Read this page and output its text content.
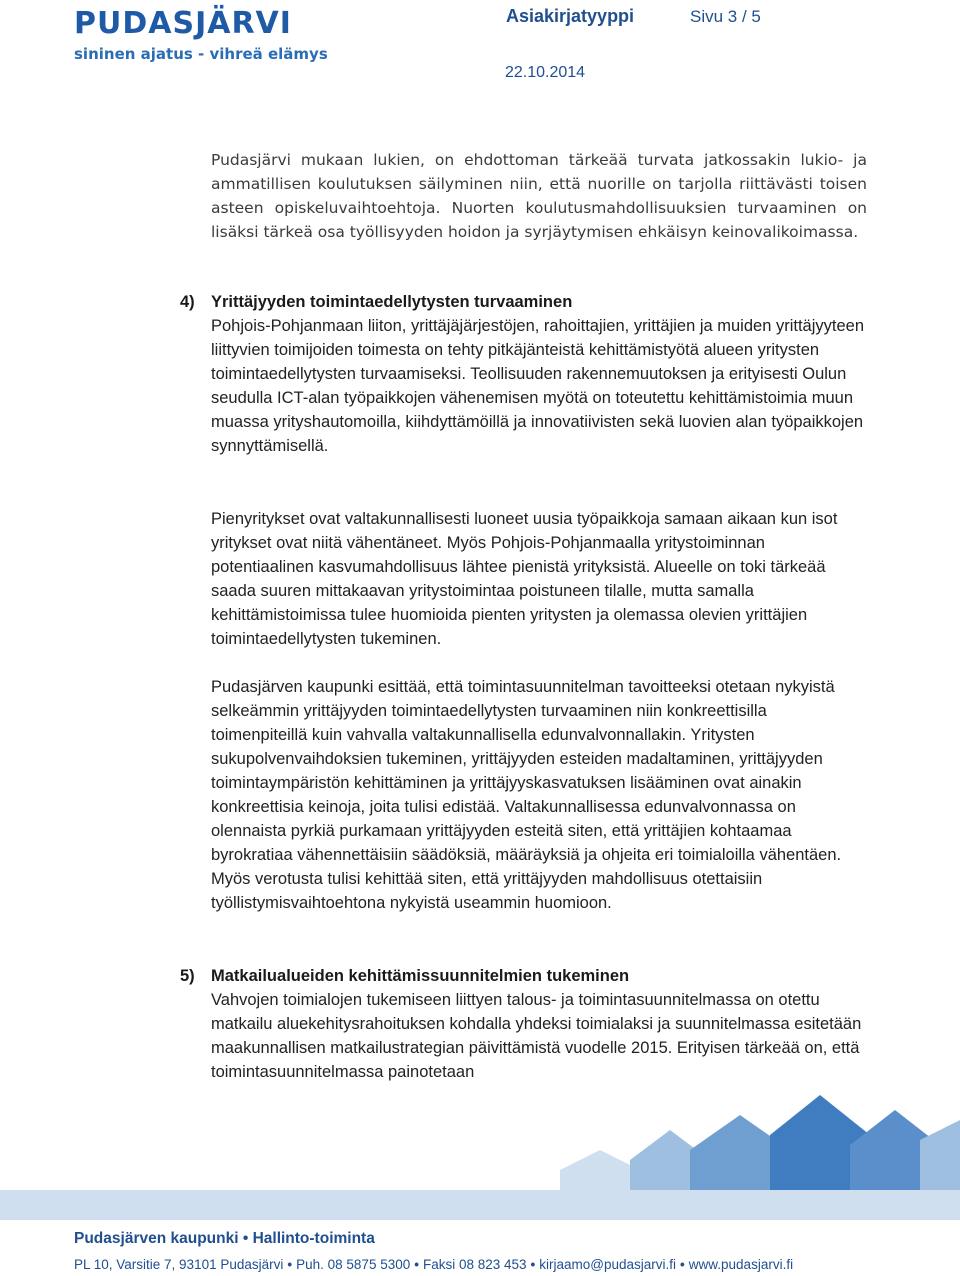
PUDASJÄRVI
sininen ajatus - vihreä elämys
Asiakirjatyyppi	Sivu 3 / 5
22.10.2014
Pudasjärvi mukaan lukien, on ehdottoman tärkeää turvata jatkossakin lukio- ja ammatillisen koulutuksen säilyminen niin, että nuorille on tarjolla riittävästi toisen asteen opiskeluvaihtoehtoja. Nuorten koulutusmahdollisuuksien turvaaminen on lisäksi tärkeä osa työllisyyden hoidon ja syrjäytymisen ehkäisyn keinovalikoimassa.
4) Yrittäjyyden toimintaedellytysten turvaaminen
Pohjois-Pohjanmaan liiton, yrittäjäjärjestöjen, rahoittajien, yrittäjien ja muiden yrittäjyyteen liittyvien toimijoiden toimesta on tehty pitkäjänteistä kehittämistyötä alueen yritysten toimintaedellytysten turvaamiseksi. Teollisuuden rakennemuutoksen ja erityisesti Oulun seudulla ICT-alan työpaikkojen vähenemisen myötä on toteutettu kehittämistoimia muun muassa yrityshautomoilla, kiihdyttämöillä ja innovatiivisten sekä luovien alan työpaikkojen synnyttämisellä.
Pienyritykset ovat valtakunnallisesti luoneet uusia työpaikkoja samaan aikaan kun isot yritykset ovat niitä vähentäneet. Myös Pohjois-Pohjanmaalla yritystoiminnan potentiaalinen kasvumahdollisuus lähtee pienistä yrityksistä. Alueelle on toki tärkeää saada suuren mittakaavan yritystoimintaa poistuneen tilalle, mutta samalla kehittämistoimissa tulee huomioida pienten yritysten ja olemassa olevien yrittäjien toimintaedellytysten tukeminen.
Pudasjärven kaupunki esittää, että toimintasuunnitelman tavoitteeksi otetaan nykyistä selkeämmin yrittäjyyden toimintaedellytysten turvaaminen niin konkreettisilla toimenpiteillä kuin vahvalla valtakunnallisella edunvalvonnallakin. Yritysten sukupolvenvaihdoksien tukeminen, yrittäjyyden esteiden madaltaminen, yrittäjyyden toimintaympäristön kehittäminen ja yrittäjyyskasvatuksen lisääminen ovat ainakin konkreettisia keinoja, joita tulisi edistää. Valtakunnallisessa edunvalvonnassa on olennaista pyrkiä purkamaan yrittäjyyden esteitä siten, että yrittäjien kohtaamaa byrokratiaa vähennettäisiin säädöksiä, määräyksiä ja ohjeita eri toimialoilla vähentäen. Myös verotusta tulisi kehittää siten, että yrittäjyyden mahdollisuus otettaisiin työllistymisvaihtoehtona nykyistä useammin huomioon.
5) Matkailualueiden kehittämissuunnitelmien tukeminen
Vahvojen toimialojen tukemiseen liittyen talous- ja toimintasuunnitelmassa on otettu matkailu aluekehitysrahoituksen kohdalla yhdeksi toimialaksi ja suunnitelmassa esitetään maakunnallisen matkailustrategian päivittämistä vuodelle 2015. Erityisen tärkeää on, että toimintasuunnitelmassa painotetaan
Pudasjärven kaupunki • Hallinto-toiminta
PL 10, Varsitie 7, 93101 Pudasjärvi • Puh. 08 5875 5300 • Faksi 08 823 453 • kirjaamo@pudasjarvi.fi • www.pudasjarvi.fi
